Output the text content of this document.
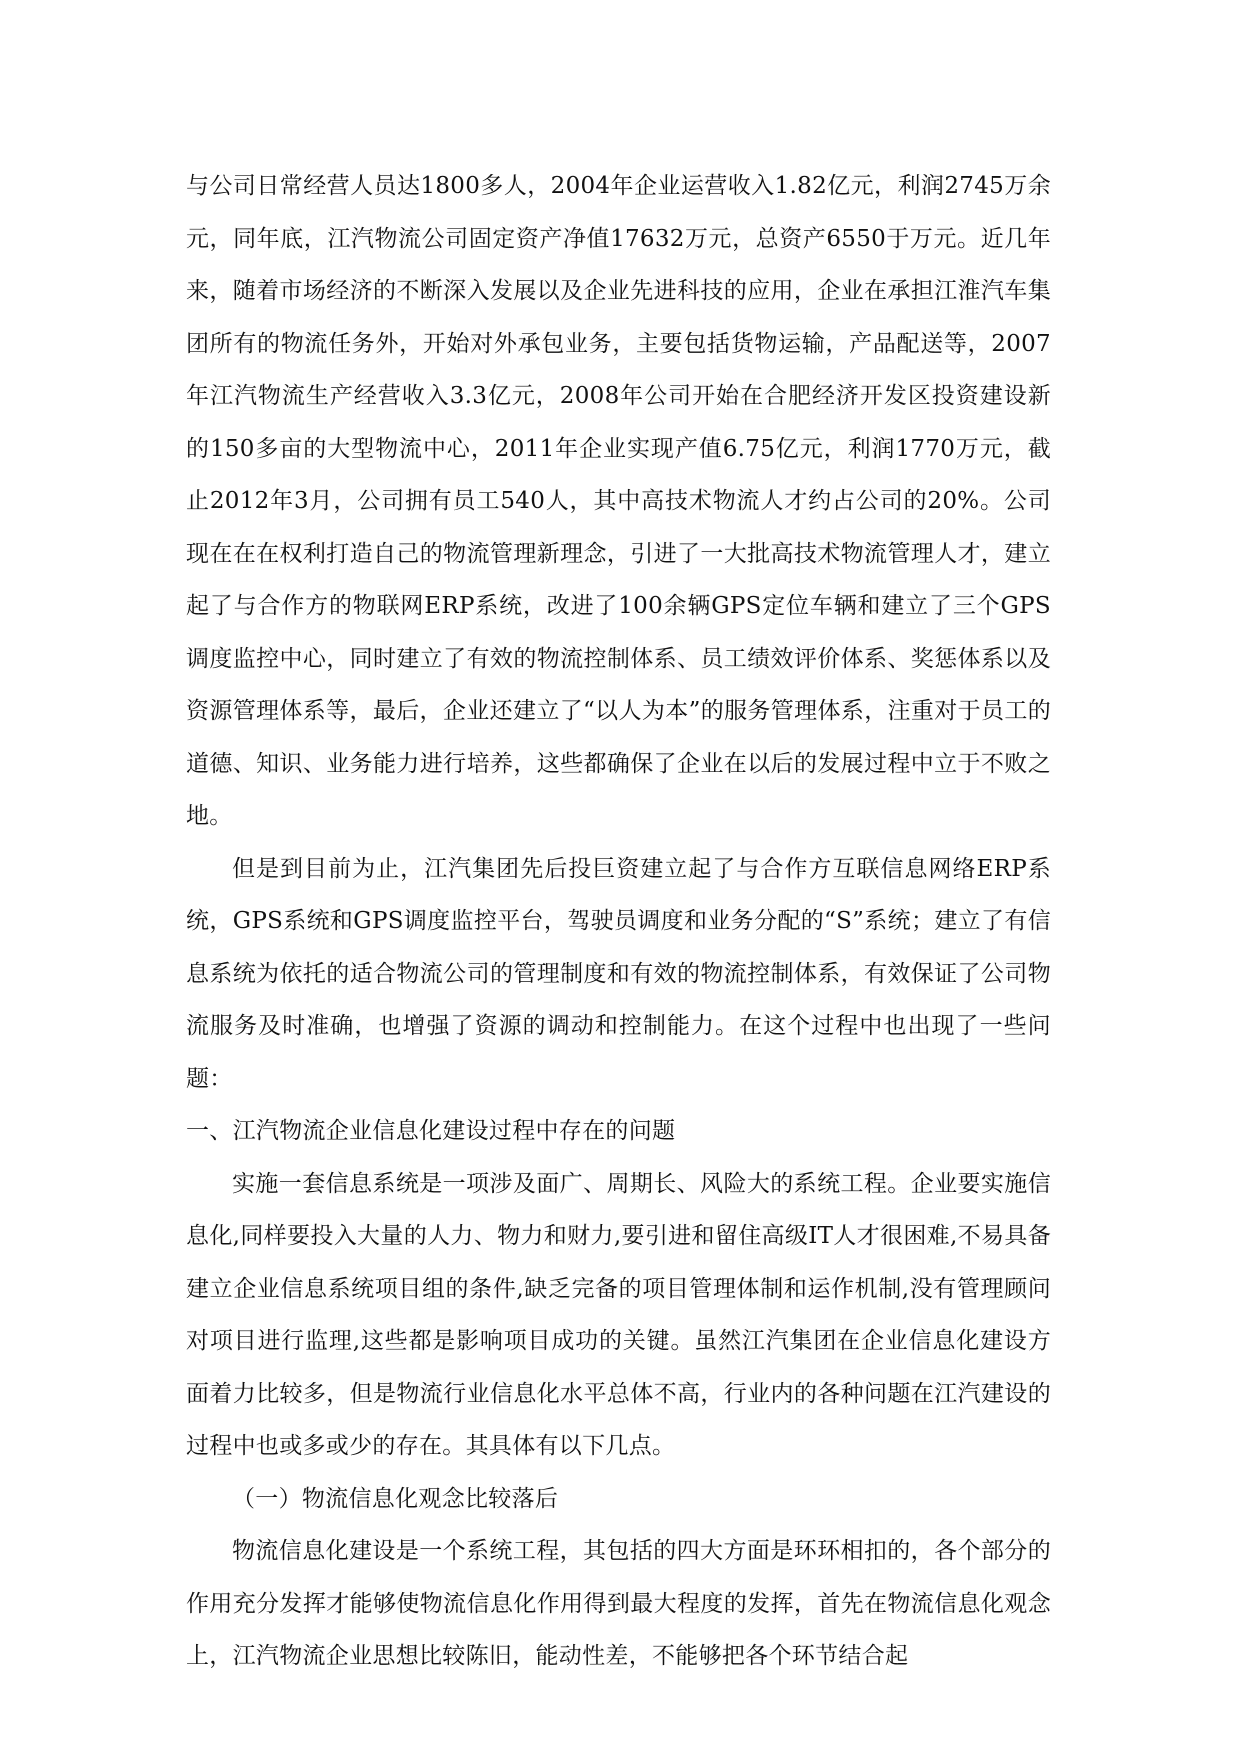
与公司日常经营人员达1800多人，2004年企业运营收入1.82亿元，利润2745万余元，同年底，江汽物流公司固定资产净值17632万元，总资产6550于万元。近几年来，随着市场经济的不断深入发展以及企业先进科技的应用，企业在承担江淮汽车集团所有的物流任务外，开始对外承包业务，主要包括货物运输，产品配送等，2007年江汽物流生产经营收入3.3亿元，2008年公司开始在合肥经济开发区投资建设新的150多亩的大型物流中心，2011年企业实现产值6.75亿元，利润1770万元，截止2012年3月，公司拥有员工540人，其中高技术物流人才约占公司的20%。公司现在在在权利打造自己的物流管理新理念，引进了一大批高技术物流管理人才，建立起了与合作方的物联网ERP系统，改进了100余辆GPS定位车辆和建立了三个GPS调度监控中心，同时建立了有效的物流控制体系、员工绩效评价体系、奖惩体系以及资源管理体系等，最后，企业还建立了“以人为本”的服务管理体系，注重对于员工的道德、知识、业务能力进行培养，这些都确保了企业在以后的发展过程中立于不败之地。

但是到目前为止，江汽集团先后投巨资建立起了与合作方互联信息网络ERP系统，GPS系统和GPS调度监控平台，驾驶员调度和业务分配的“S”系统；建立了有信息系统为依托的适合物流公司的管理制度和有效的物流控制体系，有效保证了公司物流服务及时准确，也增强了资源的调动和控制能力。在这个过程中也出现了一些问题：

一、江汽物流企业信息化建设过程中存在的问题

实施一套信息系统是一项涉及面广、周期长、风险大的系统工程。企业要实施信息化,同样要投入大量的人力、物力和财力,要引进和留住高级IT人才很困难,不易具备建立企业信息系统项目组的条件,缺乏完备的项目管理体制和运作机制,没有管理顾问对项目进行监理,这些都是影响项目成功的关键。虽然江汽集团在企业信息化建设方面着力比较多，但是物流行业信息化水平总体不高，行业内的各种问题在江汽建设的过程中也或多或少的存在。其具体有以下几点。

（一）物流信息化观念比较落后

物流信息化建设是一个系统工程，其包括的四大方面是环环相扣的，各个部分的作用充分发挥才能够使物流信息化作用得到最大程度的发挥，首先在物流信息化观念上，江汽物流企业思想比较陈旧，能动性差，不能够把各个环节结合起
